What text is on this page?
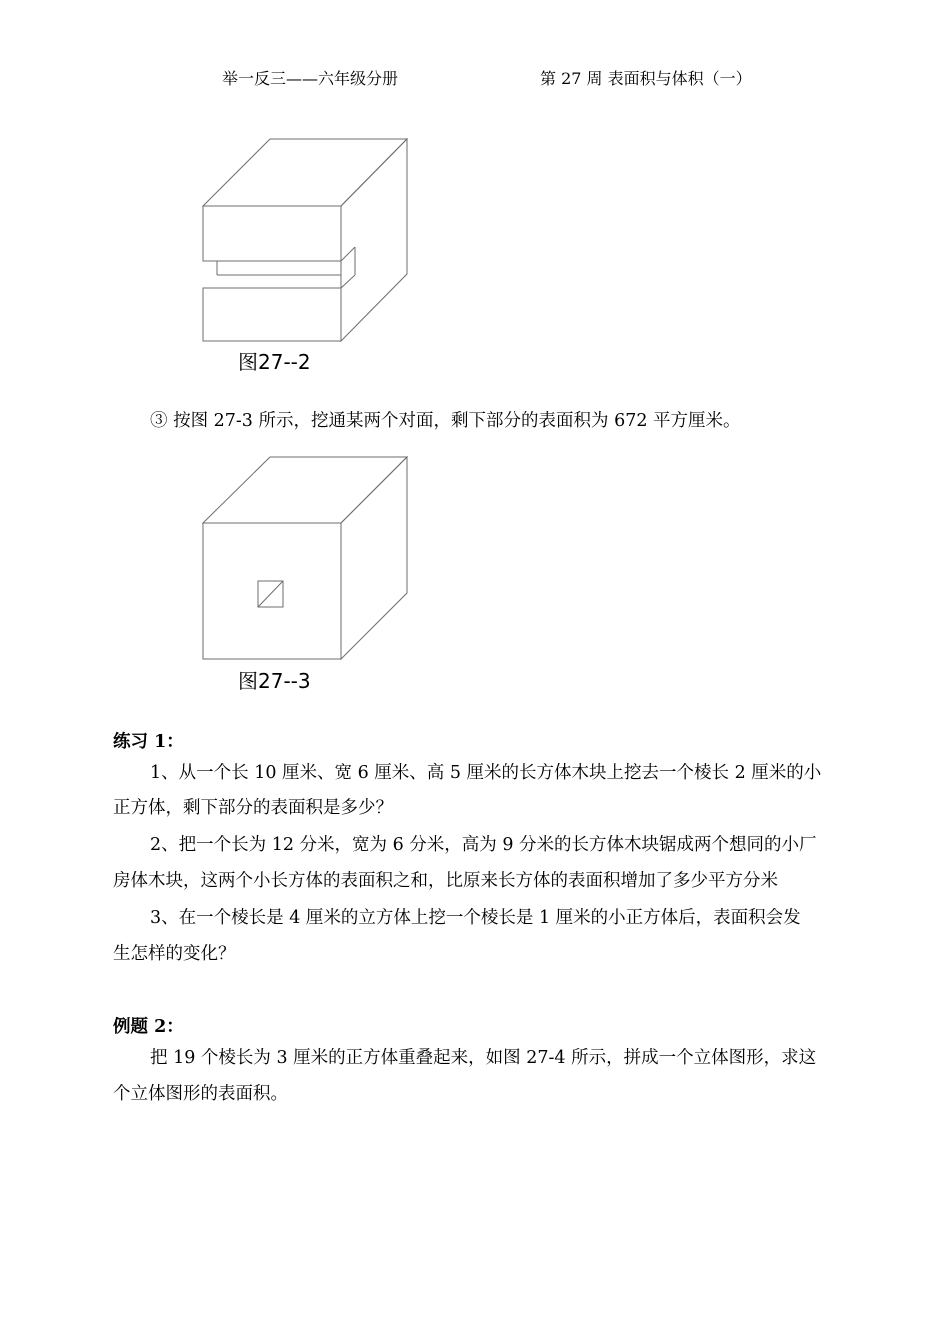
举一反三——六年级分册	第 27 周 表面积与体积（一）
图27--2
③ 按图 27-3 所示，挖通某两个对面，剩下部分的表面积为 672 平方厘米。
图27--3
练习 1：
1、从一个长 10 厘米、宽 6 厘米、高 5 厘米的长方体木块上挖去一个棱长 2 厘米的小
正方体，剩下部分的表面积是多少？
2、把一个长为 12 分米，宽为 6 分米，高为 9 分米的长方体木块锯成两个想同的小厂
房体木块，这两个小长方体的表面积之和，比原来长方体的表面积增加了多少平方分米
3、在一个棱长是 4 厘米的立方体上挖一个棱长是 1 厘米的小正方体后，表面积会发
生怎样的变化？
例题 2：
把 19 个棱长为 3 厘米的正方体重叠起来，如图 27-4 所示，拼成一个立体图形，求这
个立体图形的表面积。
